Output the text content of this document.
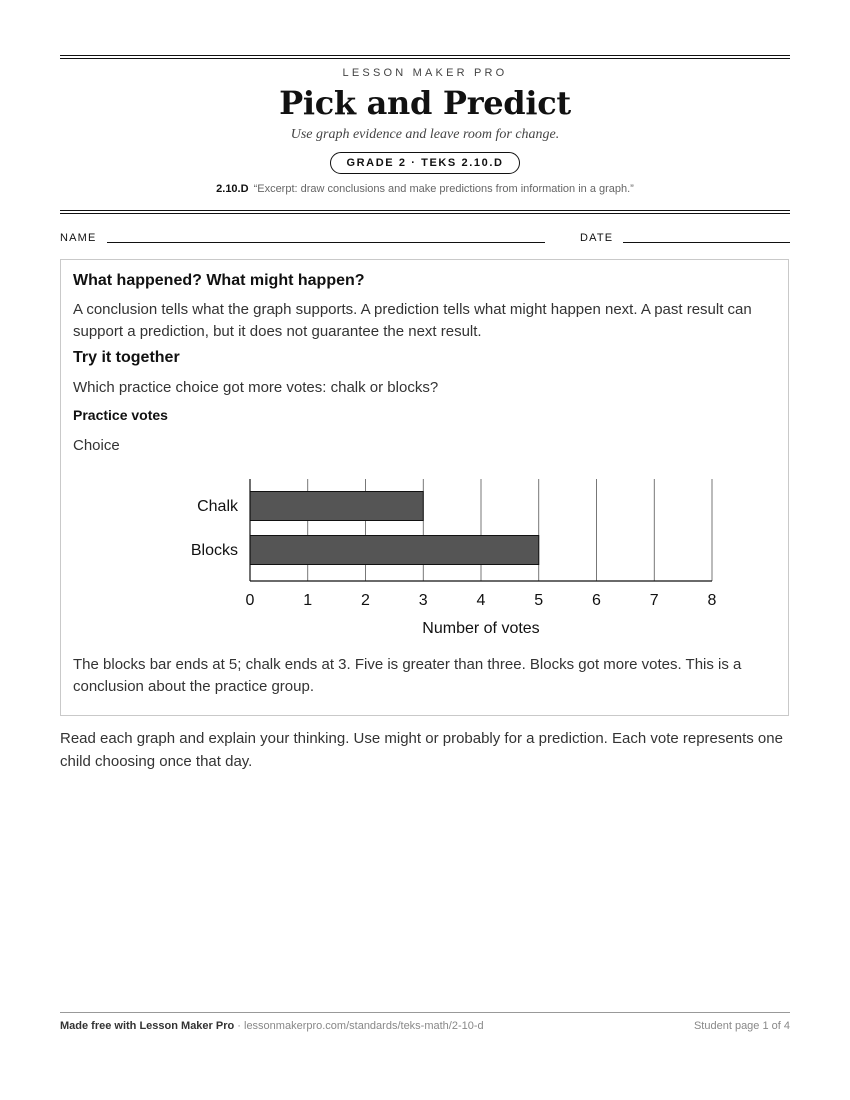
LESSON MAKER PRO
Pick and Predict
Use graph evidence and leave room for change.
GRADE 2 · TEKS 2.10.D
2.10.D “Excerpt: draw conclusions and make predictions from information in a graph.”
NAME	DATE
What happened? What might happen?
A conclusion tells what the graph supports. A prediction tells what might happen next. A past result can support a prediction, but it does not guarantee the next result.
Try it together
Which practice choice got more votes: chalk or blocks?
Practice votes
Choice
Chalk
Blocks
0	1	2	3	4	5	6	7	8
Number of votes
The blocks bar ends at 5; chalk ends at 3. Five is greater than three. Blocks got more votes. This is a conclusion about the practice group.
Read each graph and explain your thinking. Use might or probably for a prediction. Each vote represents one child choosing once that day.
Made free with Lesson Maker Pro · lessonmakerpro.com/standards/teks-math/2-10-d	Student page 1 of 4
